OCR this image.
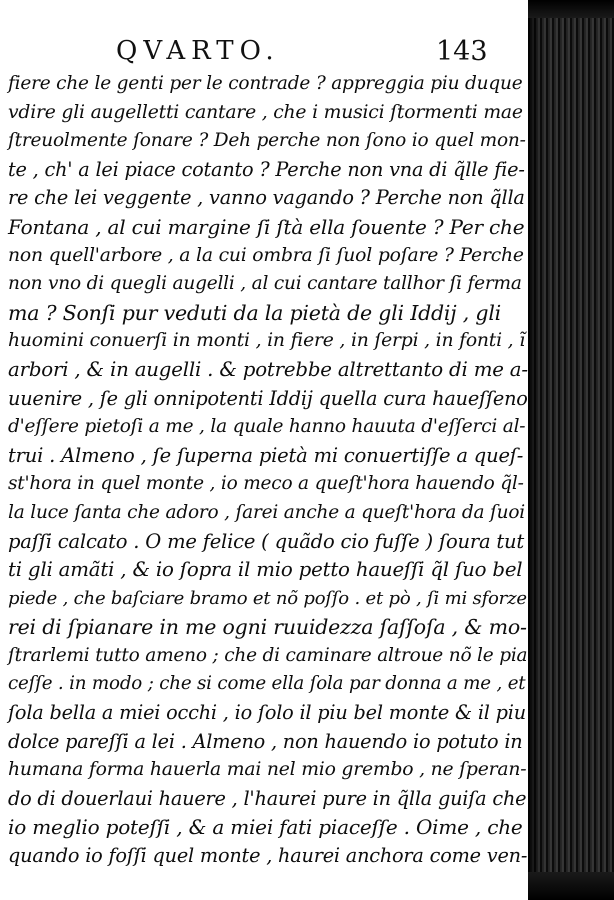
QVARTO.	143
fiere che le genti per le contrade ? appreggia piu duque
vdire gli augelletti cantare , che i musici ſtormenti mae
ſtreuolmente ſonare ? Deh perche non ſono io quel mon-
te , ch' a lei piace cotanto ? Perche non vna di q̃lle fie-
re che lei veggente , vanno vagando ? Perche non q̃lla
Fontana , al cui margine ſi ſtà ella ſouente ? Per che
non quell'arbore , a la cui ombra ſi ſuol poſare ? Perche
non vno di quegli augelli , al cui cantare tallhor ſi ferma
ma ? Sonſi pur veduti da la pietà de gli Iddij , gli
huomini conuerſi in monti , in fiere , in ſerpi , in fonti , ĩ
arbori , & in augelli . & potrebbe altrettanto di me a-
uuenire , ſe gli onnipotenti Iddij quella cura haueſſeno
d'eſſere pietoſi a me , la quale hanno hauuta d'eſſerci al-
trui . Almeno , ſe ſuperna pietà mi conuertiſſe a queſ-
st'hora in quel monte , io meco a queſt'hora hauendo q̃l-
la luce ſanta che adoro , ſarei anche a queſt'hora da ſuoi
paſſi calcato . O me felice ( quãdo cio fuſſe ) ſoura tut
ti gli amãti , & io ſopra il mio petto haueſſi q̃l ſuo bel
piede , che baſciare bramo et nõ poſſo . et pò , ſi mi sforze
rei di ſpianare in me ogni ruuidezza ſaſſoſa , & mo-
ſtrarlemi tutto ameno ; che di caminare altroue nõ le pia
ceſſe . in modo ; che si come ella ſola par donna a me , et
ſola bella a miei occhi , io ſolo il piu bel monte & il piu
dolce pareſſi a lei . Almeno , non hauendo io potuto in
humana forma hauerla mai nel mio grembo , ne ſperan-
do di douerlaui hauere , l'haurei pure in q̃lla guiſa che
io meglio poteſſi , & a miei fati piaceſſe . Oime , che
quando io foſſi quel monte , haurei anchora come ven-
